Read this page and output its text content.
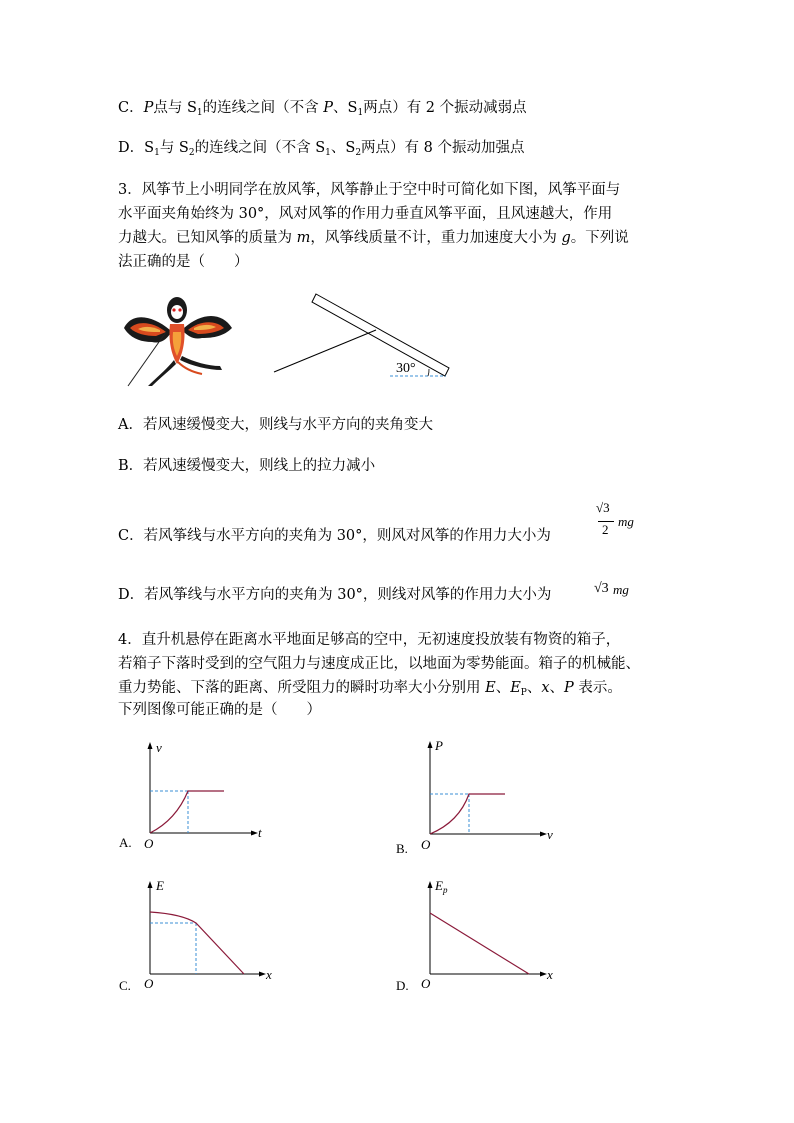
C．P点与 $S_1$的连线之间（不含 P、$S_1$两点）有 2 个振动减弱点
D．$S_1$与 $S_2$的连线之间（不含 $S_1$、$S_2$两点）有 8 个振动加强点
3．风筝节上小明同学在放风筝，风筝静止于空中时可简化如下图，风筝平面与
水平面夹角始终为 30°，风对风筝的作用力垂直风筝平面，且风速越大，作用
力越大。已知风筝的质量为 m，风筝线质量不计，重力加速度大小为 g。下列说
法正确的是（　　）
30°
A．若风速缓慢变大，则线与水平方向的夹角变大
B．若风速缓慢变大，则线上的拉力减小
C．若风筝线与水平方向的夹角为 30°，则风对风筝的作用力大小为
√3
2
mg
D．若风筝线与水平方向的夹角为 30°，则线对风筝的作用力大小为	√3 mg
4．直升机悬停在距离水平地面足够高的空中，无初速度投放装有物资的箱子，
若箱子下落时受到的空气阻力与速度成正比，以地面为零势能面。箱子的机械能、
重力势能、下落的距离、所受阻力的瞬时功率大小分别用 E、$E_P$、x、P 表示。
下列图像可能正确的是（　　）
v
t
O
A.
P
v
O
B.
E
x
O
C.
$E_p$
x
O
D.
